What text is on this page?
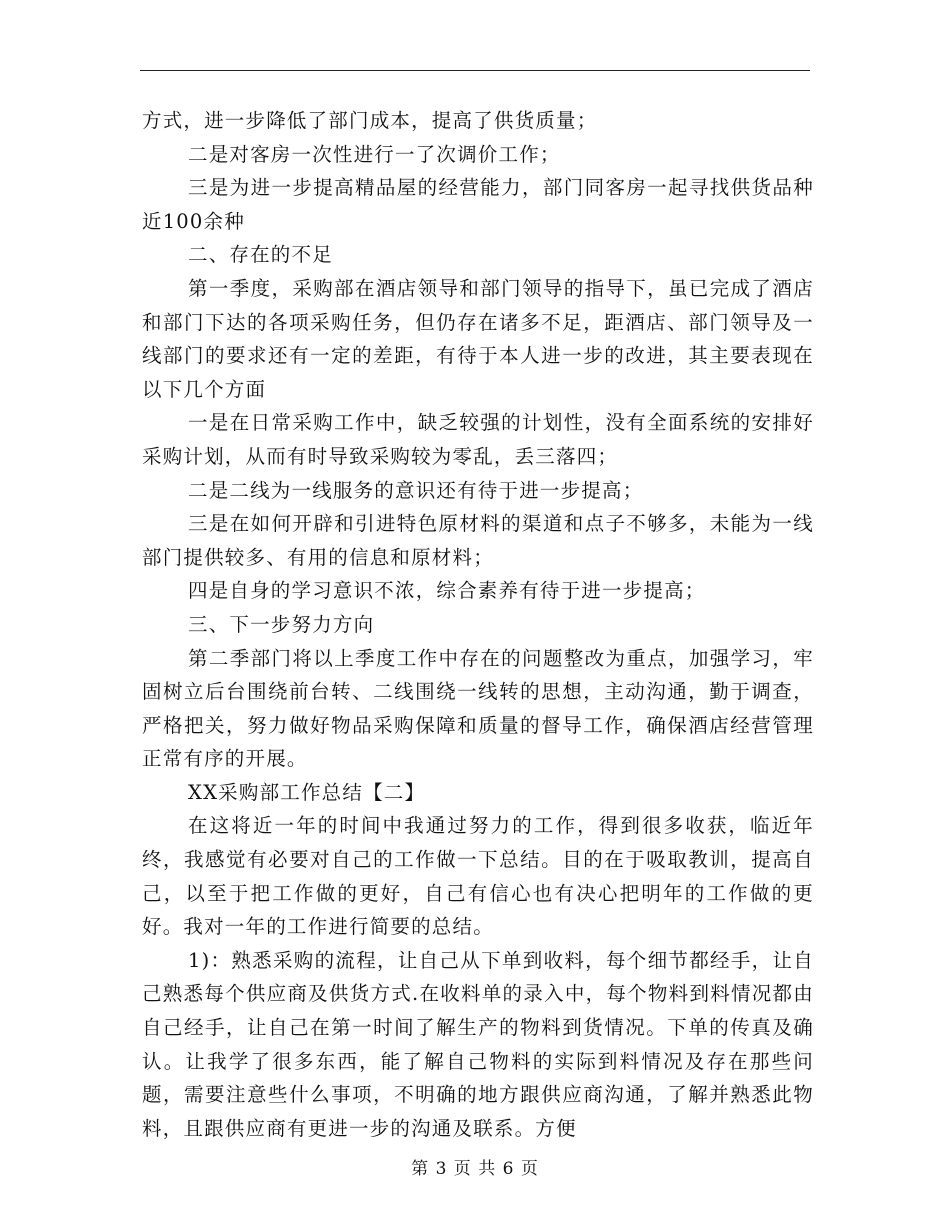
方式，进一步降低了部门成本，提高了供货质量；

二是对客房一次性进行一了次调价工作；

三是为进一步提高精品屋的经营能力，部门同客房一起寻找供货品种近100余种

二、存在的不足

第一季度，采购部在酒店领导和部门领导的指导下，虽已完成了酒店和部门下达的各项采购任务，但仍存在诸多不足，距酒店、部门领导及一线部门的要求还有一定的差距，有待于本人进一步的改进，其主要表现在以下几个方面

一是在日常采购工作中，缺乏较强的计划性，没有全面系统的安排好采购计划，从而有时导致采购较为零乱，丢三落四；

二是二线为一线服务的意识还有待于进一步提高；

三是在如何开辟和引进特色原材料的渠道和点子不够多，未能为一线部门提供较多、有用的信息和原材料；

四是自身的学习意识不浓，综合素养有待于进一步提高；

三、下一步努力方向

第二季部门将以上季度工作中存在的问题整改为重点，加强学习，牢固树立后台围绕前台转、二线围绕一线转的思想，主动沟通，勤于调查，严格把关，努力做好物品采购保障和质量的督导工作，确保酒店经营管理正常有序的开展。

XX采购部工作总结【二】

在这将近一年的时间中我通过努力的工作，得到很多收获，临近年终，我感觉有必要对自己的工作做一下总结。目的在于吸取教训，提高自己，以至于把工作做的更好，自己有信心也有决心把明年的工作做的更好。我对一年的工作进行简要的总结。

1)：熟悉采购的流程，让自己从下单到收料，每个细节都经手，让自己熟悉每个供应商及供货方式.在收料单的录入中，每个物料到料情况都由自己经手，让自己在第一时间了解生产的物料到货情况。下单的传真及确认。让我学了很多东西，能了解自己物料的实际到料情况及存在那些问题，需要注意些什么事项，不明确的地方跟供应商沟通，了解并熟悉此物料，且跟供应商有更进一步的沟通及联系。方便

第 3 页 共 6 页
